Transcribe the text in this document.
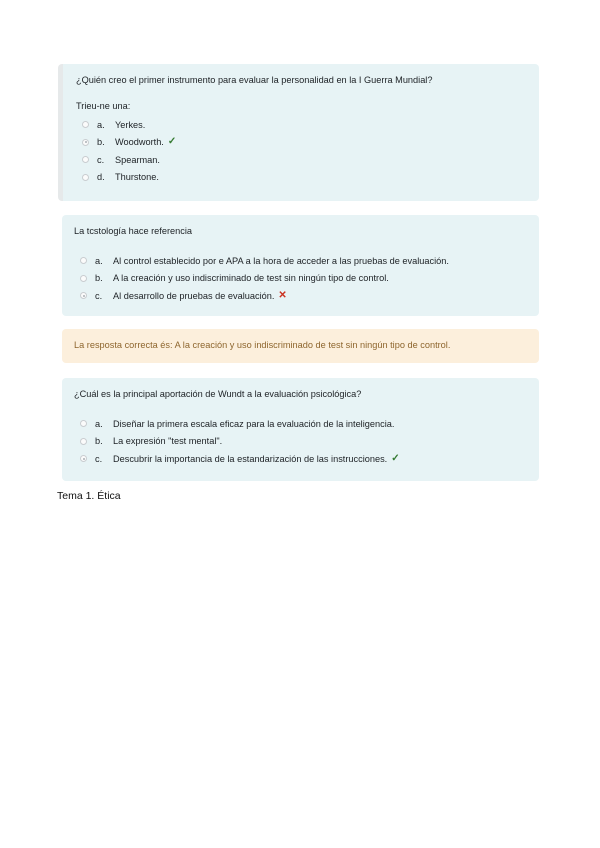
¿Quién creo el primer instrumento para evaluar la personalidad en la I Guerra Mundial?

Trieu-ne una:
a.	Yerkes.
b.	Woodworth. ✓
c.	Spearman.
d.	Thurstone.

La tcstología hace referencia

a.	Al control establecido por e APA a la hora de acceder a las pruebas de evaluación.
b.	A la creación y uso indiscriminado de test sin ningún tipo de control.
c.	Al desarrollo de pruebas de evaluación. ✕
La resposta correcta és: A la creación y uso indiscriminado de test sin ningún tipo de control.

¿Cuál es la principal aportación de Wundt a la evaluación psicológica?

a.	Diseñar la primera escala eficaz para la evaluación de la inteligencia.
b.	La expresión "test mental".
c.	Descubrir la importancia de la estandarización de las instrucciones. ✓
Tema 1. Ética
